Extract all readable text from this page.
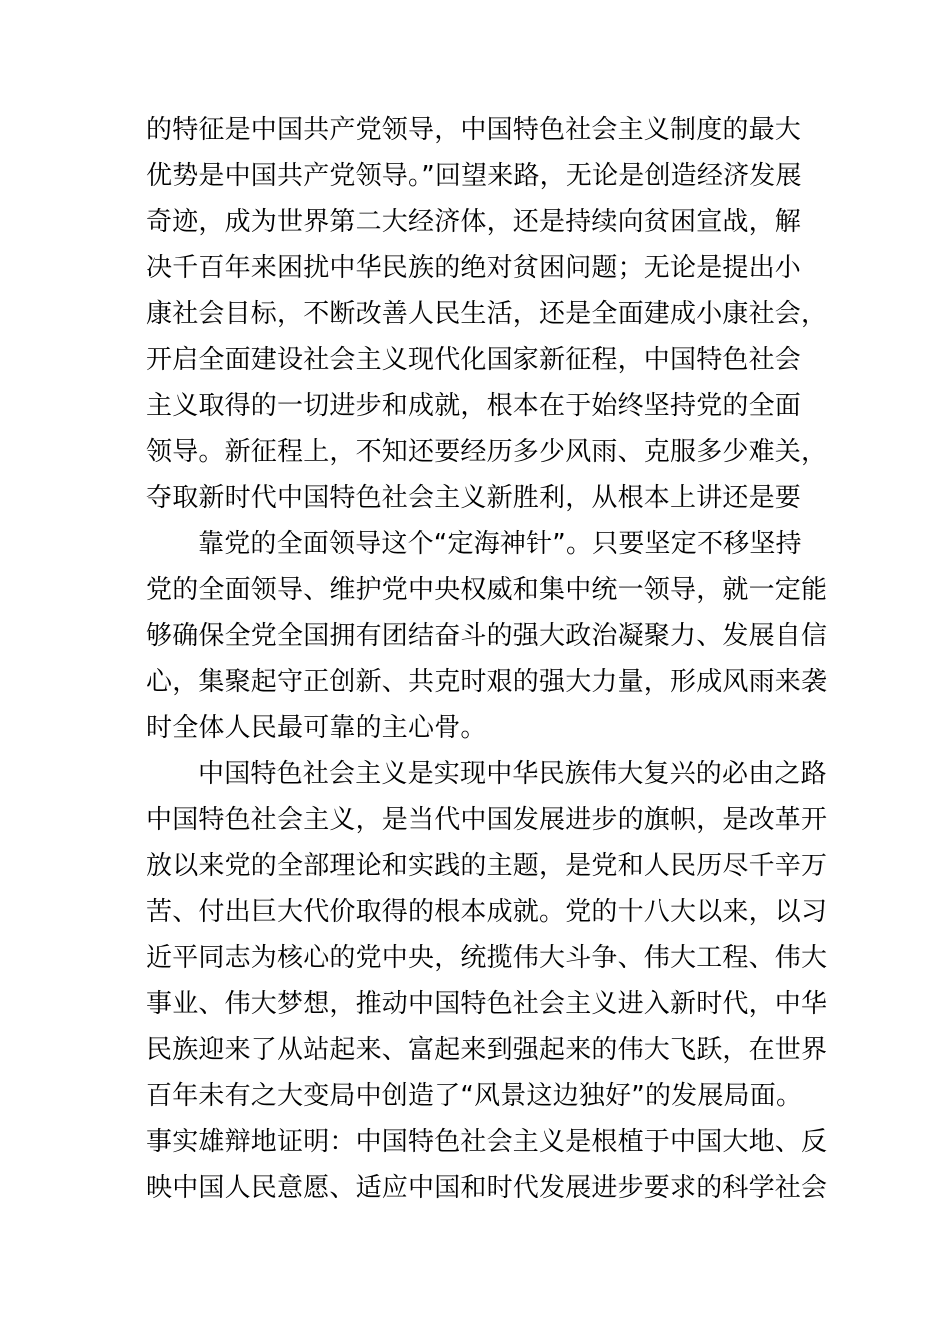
的特征是中国共产党领导，中国特色社会主义制度的最大
优势是中国共产党领导。”回望来路，无论是创造经济发展
奇迹，成为世界第二大经济体，还是持续向贫困宣战，解
决千百年来困扰中华民族的绝对贫困问题；无论是提出小
康社会目标，不断改善人民生活，还是全面建成小康社会，
开启全面建设社会主义现代化国家新征程，中国特色社会
主义取得的一切进步和成就，根本在于始终坚持党的全面
领导。新征程上，不知还要经历多少风雨、克服多少难关，
夺取新时代中国特色社会主义新胜利，从根本上讲还是要
靠党的全面领导这个“定海神针”。只要坚定不移坚持
党的全面领导、维护党中央权威和集中统一领导，就一定能
够确保全党全国拥有团结奋斗的强大政治凝聚力、发展自信
心，集聚起守正创新、共克时艰的强大力量，形成风雨来袭
时全体人民最可靠的主心骨。
中国特色社会主义是实现中华民族伟大复兴的必由之路
中国特色社会主义，是当代中国发展进步的旗帜，是改革开
放以来党的全部理论和实践的主题，是党和人民历尽千辛万
苦、付出巨大代价取得的根本成就。党的十八大以来，以习
近平同志为核心的党中央，统揽伟大斗争、伟大工程、伟大
事业、伟大梦想，推动中国特色社会主义进入新时代，中华
民族迎来了从站起来、富起来到强起来的伟大飞跃，在世界
百年未有之大变局中创造了“风景这边独好”的发展局面。
事实雄辩地证明：中国特色社会主义是根植于中国大地、反
映中国人民意愿、适应中国和时代发展进步要求的科学社会
